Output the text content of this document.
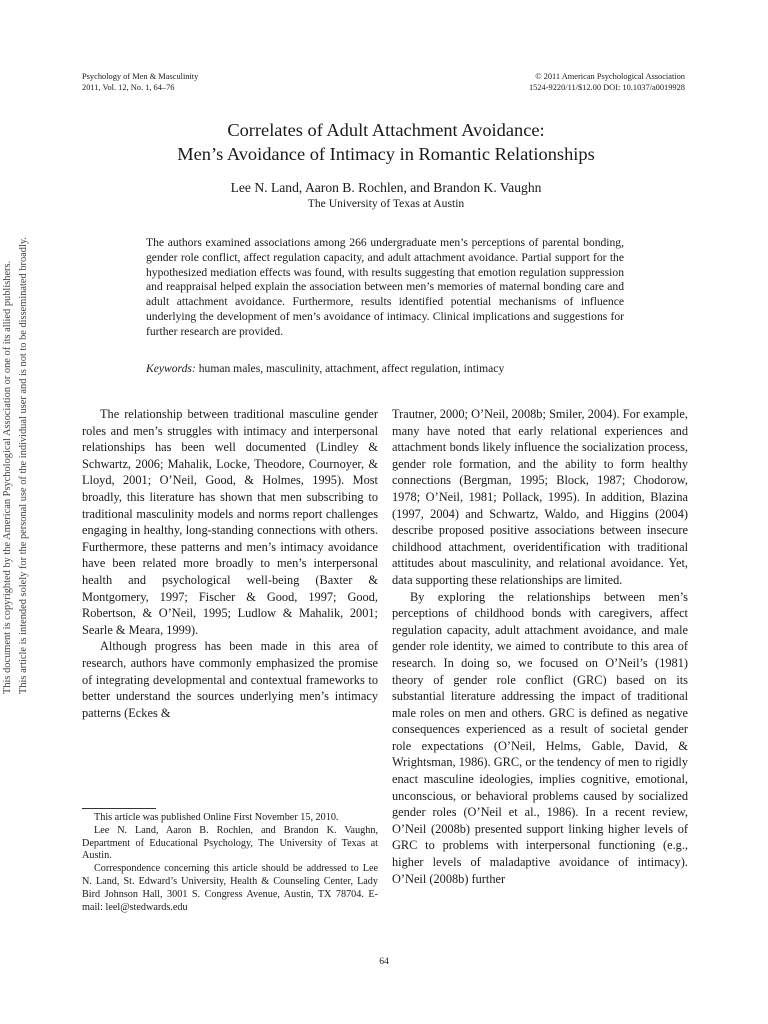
Psychology of Men & Masculinity
2011, Vol. 12, No. 1, 64–76
© 2011 American Psychological Association
1524-9220/11/$12.00 DOI: 10.1037/a0019928
Correlates of Adult Attachment Avoidance:
Men’s Avoidance of Intimacy in Romantic Relationships
Lee N. Land, Aaron B. Rochlen, and Brandon K. Vaughn
The University of Texas at Austin

The authors examined associations among 266 undergraduate men’s perceptions of parental bonding, gender role conflict, affect regulation capacity, and adult attachment avoidance. Partial support for the hypothesized mediation effects was found, with results suggesting that emotion regulation suppression and reappraisal helped explain the association between men’s memories of maternal bonding care and adult attachment avoidance. Furthermore, results identified potential mechanisms of influence underlying the development of men’s avoidance of intimacy. Clinical implications and suggestions for further research are provided.

Keywords: human males, masculinity, attachment, affect regulation, intimacy

The relationship between traditional masculine gender roles and men’s struggles with intimacy and interpersonal relationships has been well documented (Lindley & Schwartz, 2006; Mahalik, Locke, Theodore, Cournoyer, & Lloyd, 2001; O’Neil, Good, & Holmes, 1995). Most broadly, this literature has shown that men subscribing to traditional masculinity models and norms report challenges engaging in healthy, long-standing connections with others. Furthermore, these patterns and men’s intimacy avoidance have been related more broadly to men’s interpersonal health and psychological well-being (Baxter & Montgomery, 1997; Fischer & Good, 1997; Good, Robertson, & O’Neil, 1995; Ludlow & Mahalik, 2001; Searle & Meara, 1999).

Although progress has been made in this area of research, authors have commonly emphasized the promise of integrating developmental and contextual frameworks to better understand the sources underlying men’s intimacy patterns (Eckes &

Trautner, 2000; O’Neil, 2008b; Smiler, 2004). For example, many have noted that early relational experiences and attachment bonds likely influence the socialization process, gender role formation, and the ability to form healthy connections (Bergman, 1995; Block, 1987; Chodorow, 1978; O’Neil, 1981; Pollack, 1995). In addition, Blazina (1997, 2004) and Schwartz, Waldo, and Higgins (2004) describe proposed positive associations between insecure childhood attachment, overidentification with traditional attitudes about masculinity, and relational avoidance. Yet, data supporting these relationships are limited.

By exploring the relationships between men’s perceptions of childhood bonds with caregivers, affect regulation capacity, adult attachment avoidance, and male gender role identity, we aimed to contribute to this area of research. In doing so, we focused on O’Neil’s (1981) theory of gender role conflict (GRC) based on its substantial literature addressing the impact of traditional male roles on men and others. GRC is defined as negative consequences experienced as a result of societal gender role expectations (O’Neil, Helms, Gable, David, & Wrightsman, 1986). GRC, or the tendency of men to rigidly enact masculine ideologies, implies cognitive, emotional, unconscious, or behavioral problems caused by socialized gender roles (O’Neil et al., 1986). In a recent review, O’Neil (2008b) presented support linking higher levels of GRC to problems with interpersonal functioning (e.g., higher levels of maladaptive avoidance of intimacy). O’Neil (2008b) further

This article was published Online First November 15, 2010.

Lee N. Land, Aaron B. Rochlen, and Brandon K. Vaughn, Department of Educational Psychology, The University of Texas at Austin.

Correspondence concerning this article should be addressed to Lee N. Land, St. Edward’s University, Health & Counseling Center, Lady Bird Johnson Hall, 3001 S. Congress Avenue, Austin, TX 78704. E-mail: leel@stedwards.edu

64
This document is copyrighted by the American Psychological Association or one of its allied publishers. This article is intended solely for the personal use of the individual user and is not to be disseminated broadly.
